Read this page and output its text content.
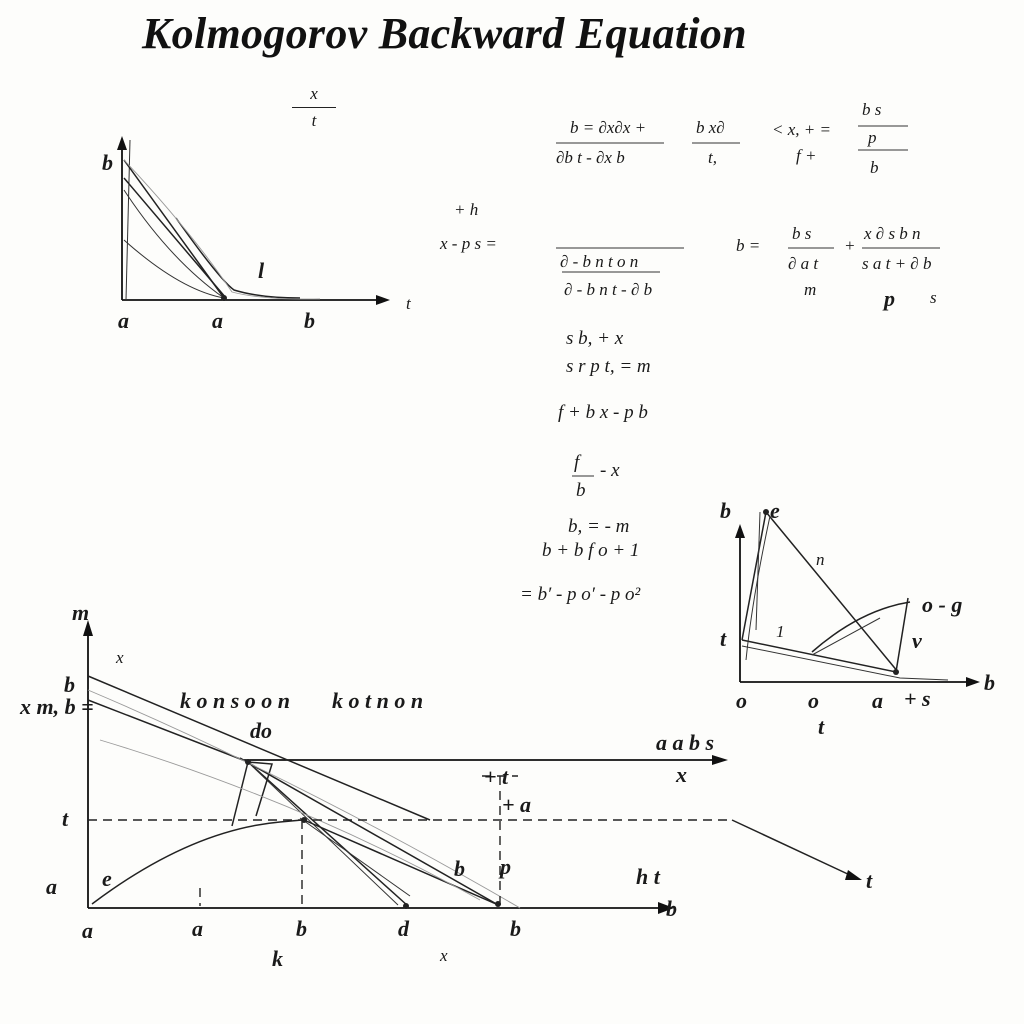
Kolmogorov Backward Equation
x
t
b
l
a	a	b
t
b = ∂x∂x +
∂b t - ∂x b
b x∂
t,
< x, + =
f +
b s
p
b
+ h
x - p s =
∂ - b n t o n
∂ - b n t - ∂ b
b =
b s
∂ a t
+
x ∂ s b n
s a t + ∂ b
m	p s
s b, + x
s r p t, = m
f + b x - p b
f - x
b
b, = - m
b + b f o + 1
= b′ - p o′ - p o²
b e
n
t	1	v
o - g
o	o a + s
b
t
m
x
b
x m, b =	k o n s o o n k o t n o n
do	a a b s
x
+ t
+ a
t
a e	b p	h t	t
a	a	b	d	b
b
k	x
